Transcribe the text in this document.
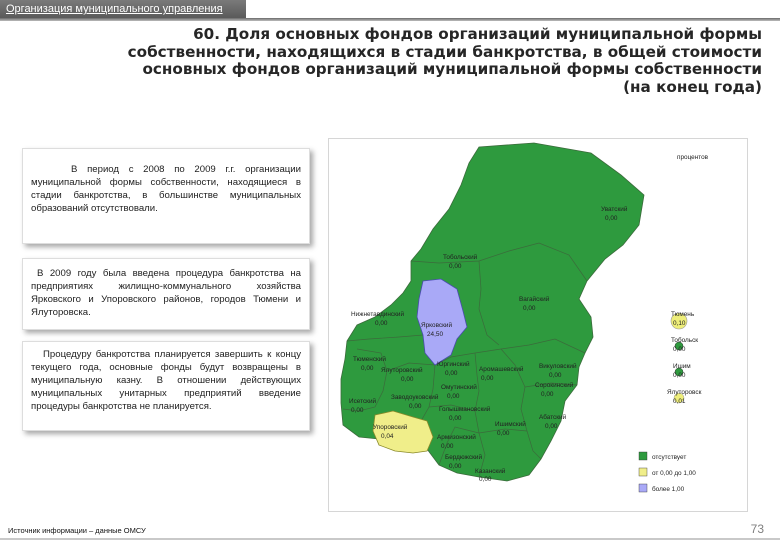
Организация муниципального управления
60. Доля основных фондов организаций муниципальной формы
собственности, находящихся в стадии банкротства, в общей стоимости
основных фондов организаций муниципальной формы собственности
(на конец года)

В период с 2008 по 2009 г.г. организации муниципальной формы собственности, находящиеся в стадии банкротства, в большинстве муниципальных образований отсутствовали.

В 2009 году была введена процедура банкротства на предприятиях жилищно-коммунального хозяйства Ярковского и Упоровского районов, городов Тюмени и Ялуторовска.

Процедуру банкротства планируется завершить к концу текущего года, основные фонды будут возвращены в муниципальную казну. В отношении действующих муниципальных унитарных предприятий введение процедуры банкротства не планируется.

Уватский
0,00
Тобольский
0,00
Вагайский
0,00
Нижнетавдинский
0,00	Ярковский
24,50
Тюменский
0,00 Ялуторовский
0,00
Юргинский
0,00
Аромашевский
0,00
Викуловский
0,00
Сорокинский
0,00
Заводоуковский
0,00
Омутинский
0,00
Исетский
0,00
Упоровский
0,04
Голышмановский
0,00	Абатский
0,00
Армизонский
0,00
Ишимский
0,00
Бердюжский
0,00
Казанский
0,00
процентов
Тюмень
0,10
Тобольск
0,00
Ишим
0,00
Ялуторовск
0,01
отсутствует
от 0,00 до 1,00
более 1,00
Источник информации – данные ОМСУ	73
